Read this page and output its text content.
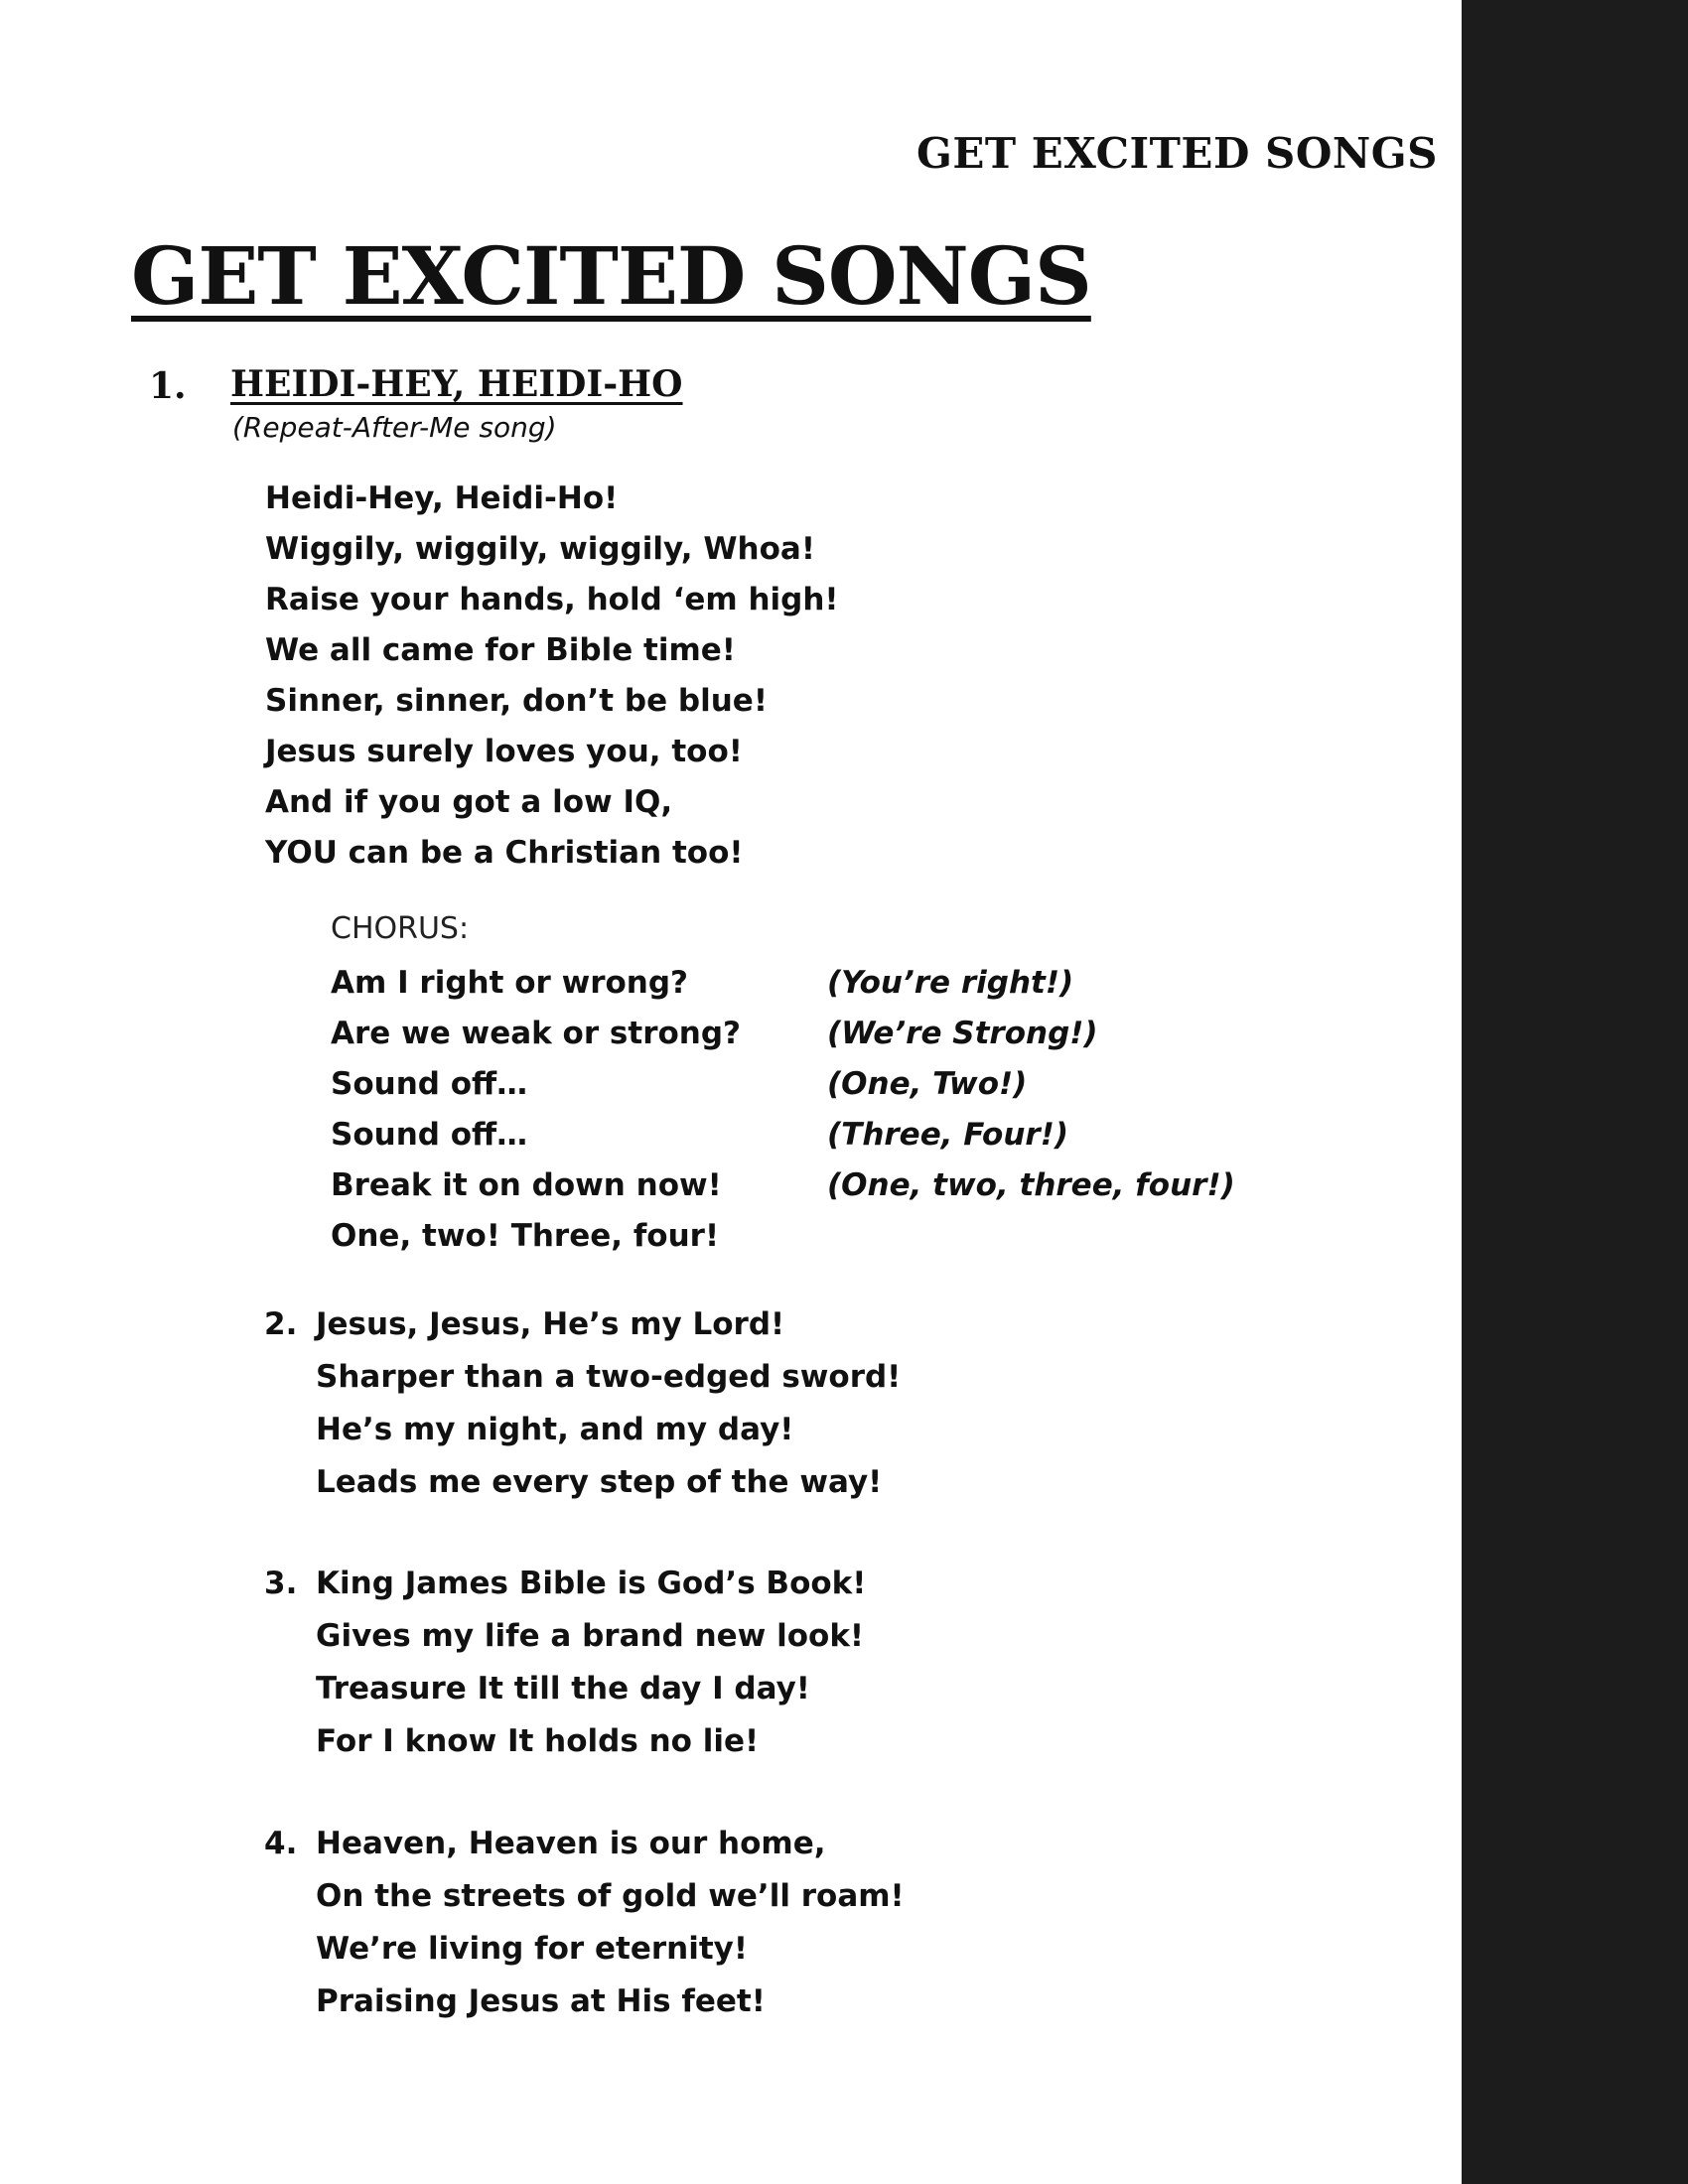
GET EXCITED SONGS
GET EXCITED SONGS
1. HEIDI-HEY, HEIDI-HO
(Repeat-After-Me song)
Heidi-Hey, Heidi-Ho!
Wiggily, wiggily, wiggily, Whoa!
Raise your hands, hold ‘em high!
We all came for Bible time!
Sinner, sinner, don’t be blue!
Jesus surely loves you, too!
And if you got a low IQ,
YOU can be a Christian too!
CHORUS:
Am I right or wrong?
Are we weak or strong?
Sound off…
Sound off…
Break it on down now!
One, two! Three, four!
(You’re right!)
(We’re Strong!)
(One, Two!)
(Three, Four!)
(One, two, three, four!)
2. Jesus, Jesus, He’s my Lord!
Sharper than a two-edged sword!
He’s my night, and my day!
Leads me every step of the way!
3. King James Bible is God’s Book!
Gives my life a brand new look!
Treasure It till the day I day!
For I know It holds no lie!
4. Heaven, Heaven is our home,
On the streets of gold we’ll roam!
We’re living for eternity!
Praising Jesus at His feet!
